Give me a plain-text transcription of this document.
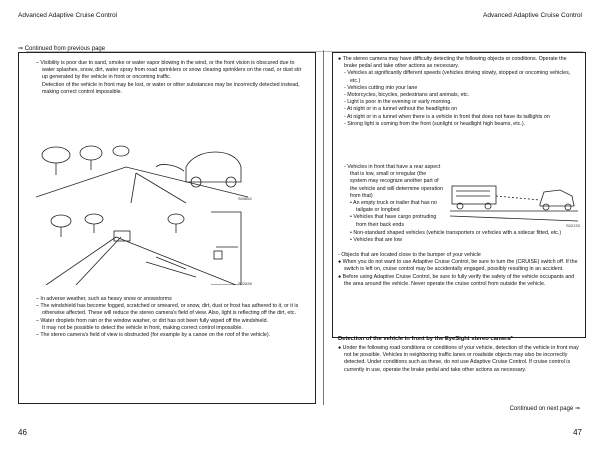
Advanced Adaptive Cruise Control	Advanced Adaptive Cruise Control
⇒ Continued from previous page

– Visibility is poor due to sand, smoke or water vapor blowing in the wind, or the front vision is obscured due to water splashes, snow, dirt, water spray from road sprinklers or snow clearing sprinklers on the road, or dust stir up generated by the vehicle in front or oncoming traffic.

Detection of the vehicle in front may be lost, or water or other substances may be incorrectly detected instead, making correct control impossible.

S00852
S02839

– In adverse weather, such as heavy snow or snowstorms

– The windshield has become fogged, scratched or smeared, or snow, dirt, dust or frost has adhered to it, or it is otherwise affected. These will reduce the stereo camera's field of view. Also, light is reflecting off the dirt, etc.

– Water droplets from rain or the window washer, or dirt has not been fully wiped off the windshield.

It may not be possible to detect the vehicle in front, making correct control impossible.

– The stereo camera's field of view is obstructed (for example by a canoe on the roof of the vehicle).

● The stereo camera may have difficulty detecting the following objects or conditions. Operate the brake pedal and take other actions as necessary.

- Vehicles at significantly different speeds (vehicles driving slowly, stopped or oncoming vehicles, etc.)

- Vehicles cutting into your lane

- Motorcycles, bicycles, pedestrians and animals, etc.

- Light is poor in the evening or early morning.

- At night or in a tunnel without the headlights on

- At night or in a tunnel when there is a vehicle in front that does not have its taillights on

- Strong light is coming from the front (sunlight or headlight high beams, etc.).

- Vehicles in front that have a rear aspect that is low, small or irregular (the system may recognize another part of the vehicle and will determine operation from that)

• An empty truck or trailer that has no tailgate or longbed

• Vehicles that have cargo protruding from their back ends

• Non-standard shaped vehicles (vehicle transporters or vehicles with a sidecar fitted, etc.)

• Vehicles that are low

S02133

- Objects that are located close to the bumper of your vehicle

● When you do not want to use Adaptive Cruise Control, be sure to turn the (CRUISE) switch off. If the switch is left on, cruise control may be accidentally engaged, possibly resulting in an accident.

● Before using Adaptive Cruise Control, be sure to fully verify the safety of the vehicle occupants and the area around the vehicle. Never operate the cruise control from outside the vehicle.

Detection of the vehicle in front by the EyeSight stereo camera*

● Under the following road conditions or conditions of your vehicle, detection of the vehicle in front may not be possible. Vehicles in neighboring traffic lanes or roadside objects may also be incorrectly detected. Under conditions such as these, do not use Adaptive Cruise Control. If cruise control is currently in use, operate the brake pedal and take other actions as necessary.

Continued on next page ⇒
46	47
